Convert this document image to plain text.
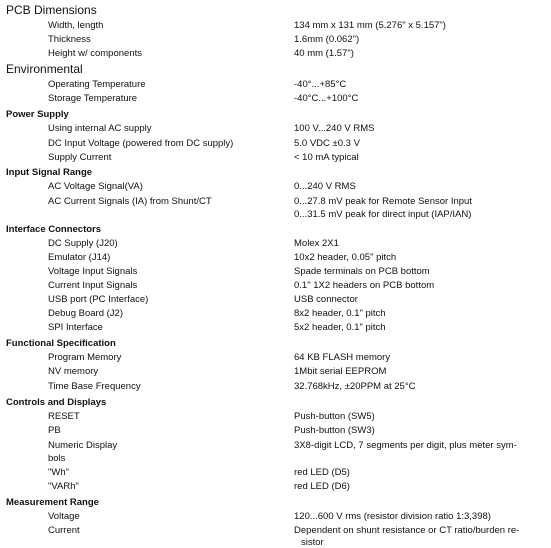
PCB Dimensions
Width, length	134 mm x 131 mm (5.276" x 5.157")
Thickness	1.6mm (0.062")
Height w/ components	40 mm (1.57")
Environmental
Operating Temperature	-40°...+85°C
Storage Temperature	-40°C...+100°C
Power Supply
Using internal AC supply	100 V...240 V RMS
DC Input Voltage (powered from DC supply)	5.0 VDC ±0.3 V
Supply Current	< 10 mA typical
Input Signal Range
AC Voltage Signal(VA)	0...240 V RMS
AC Current Signals (IA) from Shunt/CT	0...27.8 mV peak for Remote Sensor Input
0...31.5 mV peak for direct input (IAP/IAN)
Interface Connectors
DC Supply (J20)	Molex 2X1
Emulator (J14)	10x2 header, 0.05" pitch
Voltage Input Signals	Spade terminals on PCB bottom
Current Input Signals	0.1" 1X2 headers on PCB bottom
USB port (PC Interface)	USB connector
Debug Board (J2)	8x2 header, 0.1" pitch
SPI Interface	5x2 header, 0.1" pitch
Functional Specification
Program Memory	64 KB FLASH memory
NV memory	1Mbit serial EEPROM
Time Base Frequency	32.768kHz, ±20PPM at 25°C
Controls and Displays
RESET	Push-button (SW5)
PB	Push-button (SW3)
Numeric Display	3X8-digit LCD, 7 segments per digit, plus meter sym-
bols
"Wh"	red LED (D5)
"VARh"	red LED (D6)
Measurement Range
Voltage	120...600 V rms (resistor division ratio 1:3,398)
Current	Dependent on shunt resistance or CT ratio/burden re-
sistor
